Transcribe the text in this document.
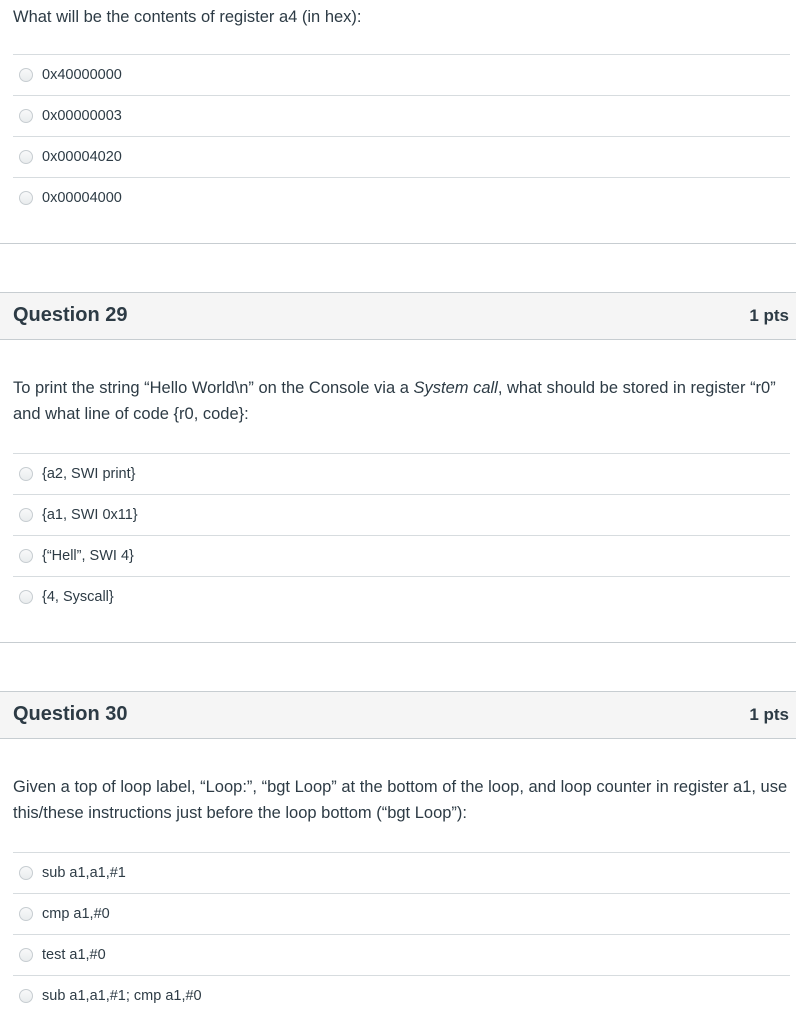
What will be the contents of register a4 (in hex):
0x40000000
0x00000003
0x00004020
0x00004000
Question 29	1 pts
To print the string “Hello World\n” on the Console via a System call, what should be stored in register “r0” and what line of code {r0, code}:
{a2, SWI print}
{a1, SWI 0x11}
{“Hell”, SWI 4}
{4, Syscall}
Question 30	1 pts
Given a top of loop label, “Loop:”, “bgt Loop” at the bottom of the loop, and loop counter in register a1, use this/these instructions just before the loop bottom (“bgt Loop”):
sub a1,a1,#1
cmp a1,#0
test a1,#0
sub a1,a1,#1; cmp a1,#0
